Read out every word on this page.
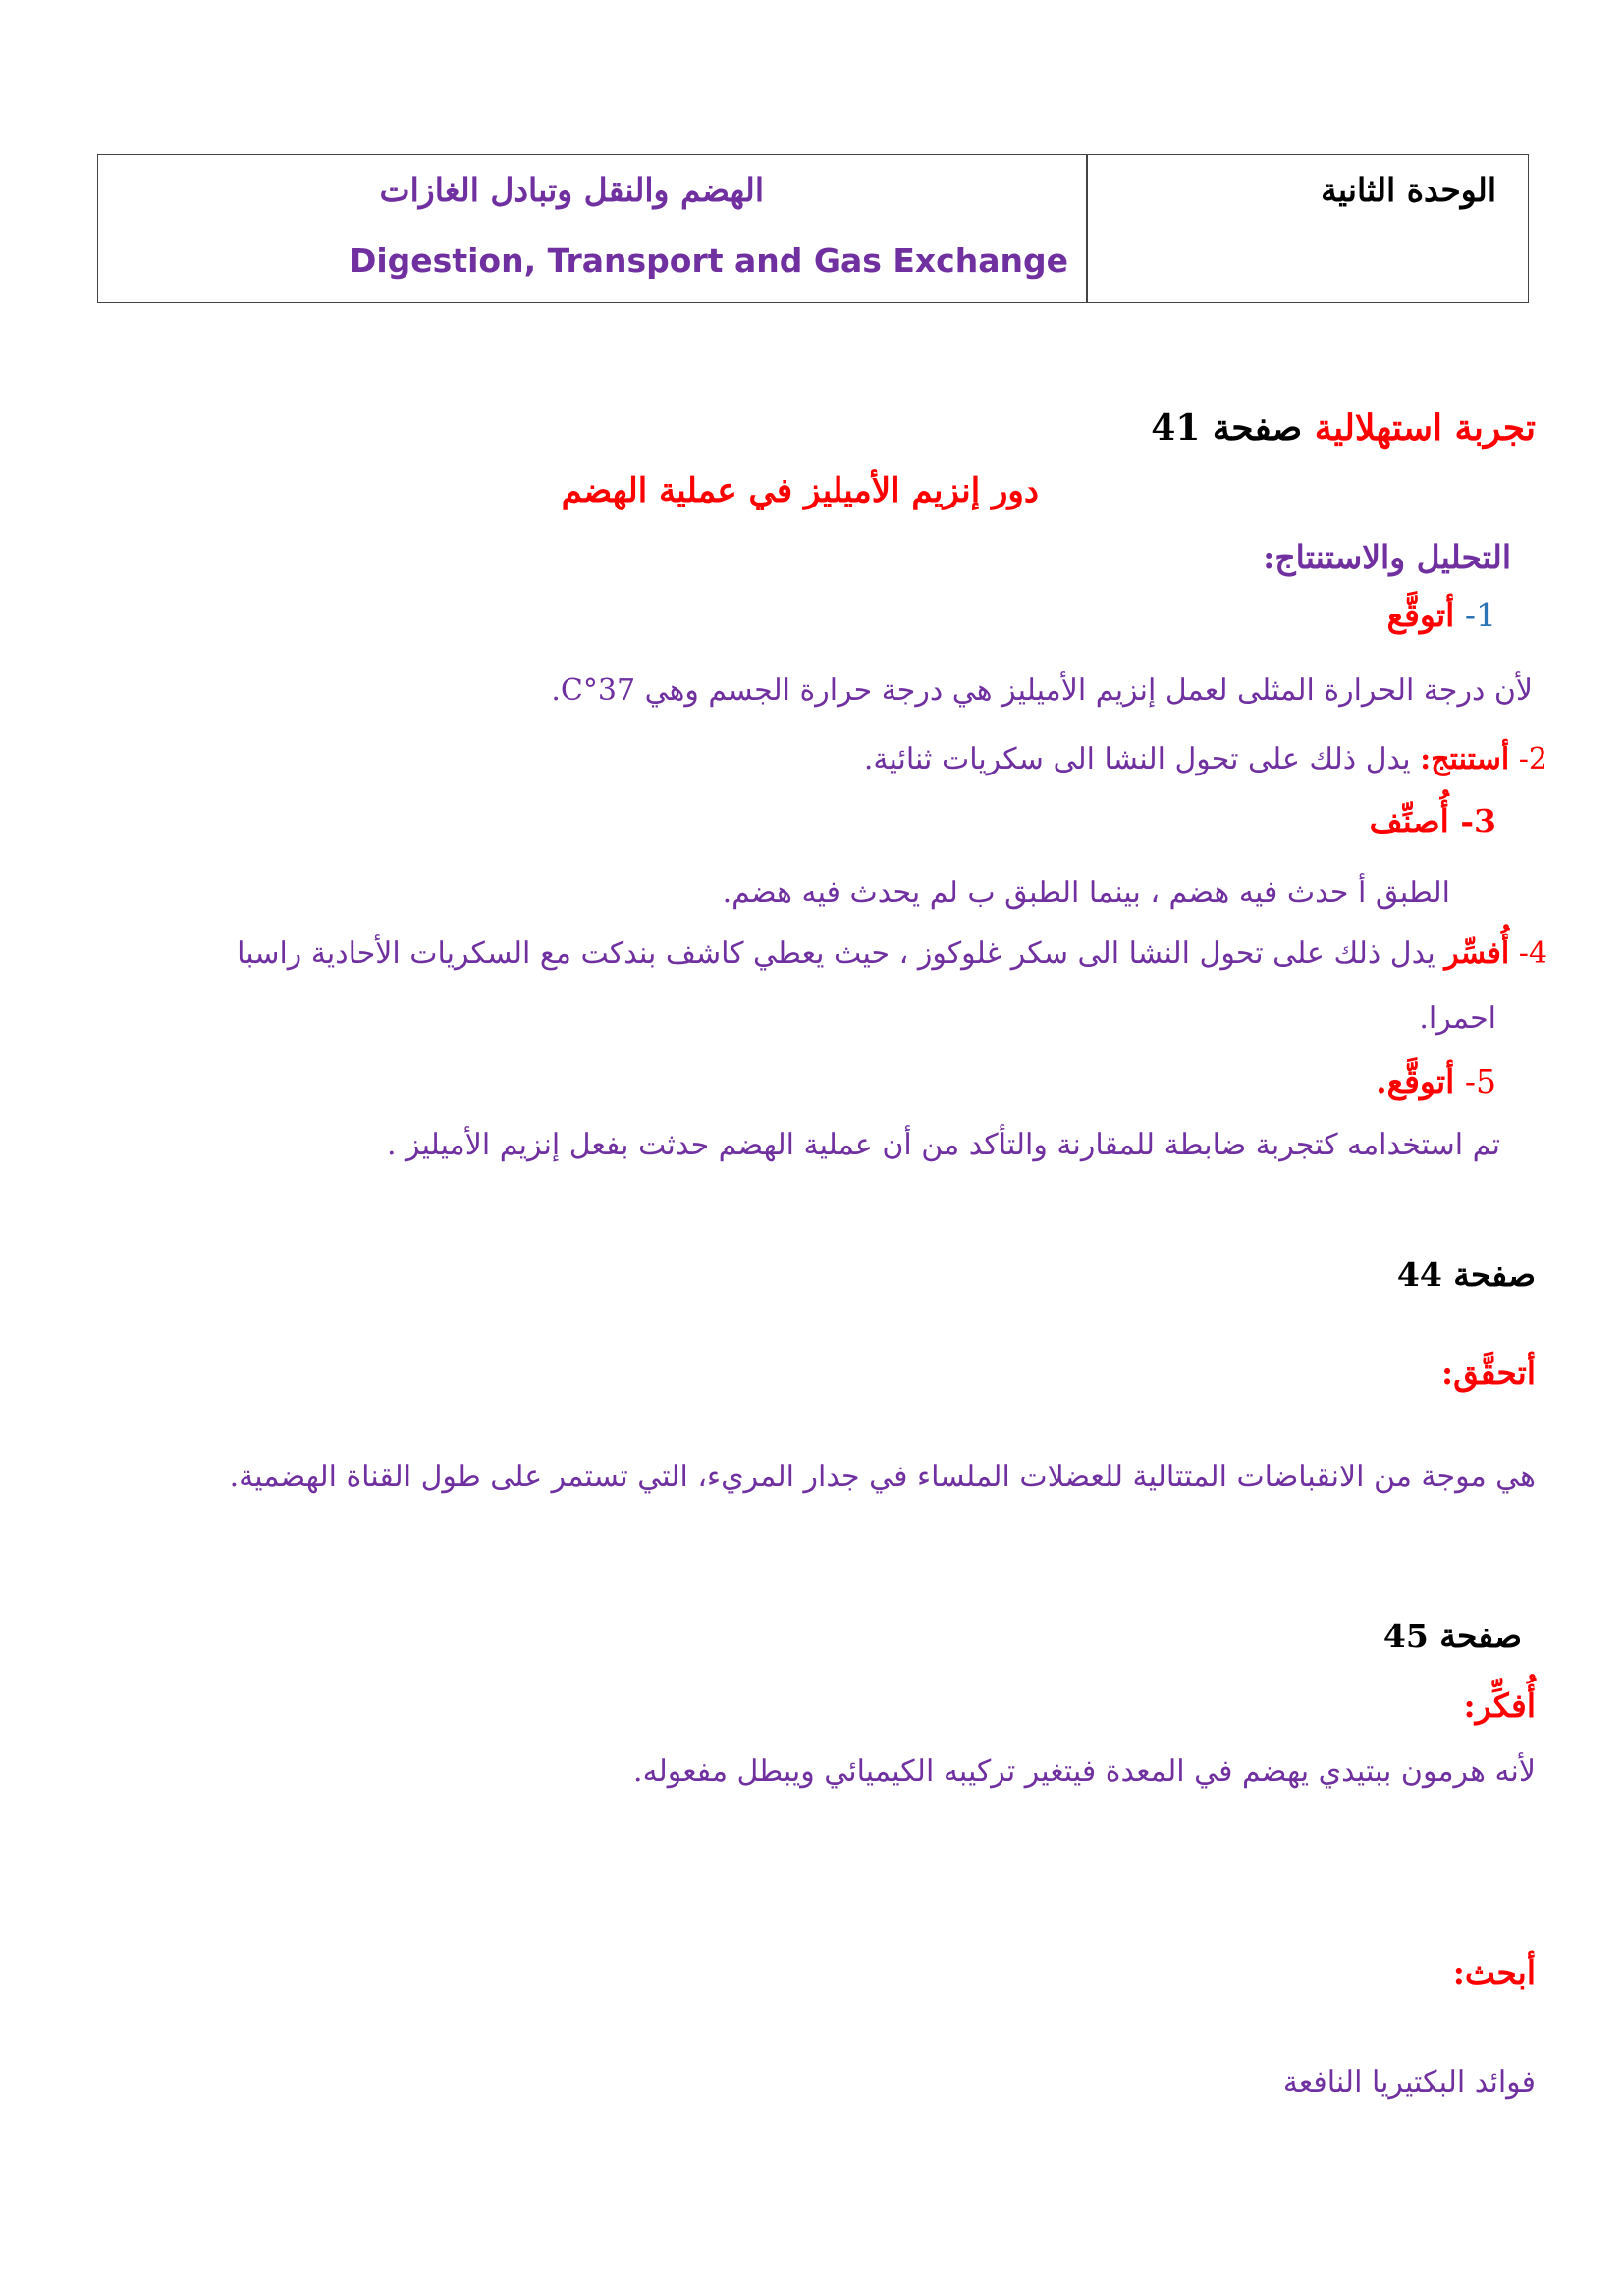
الوحدة الثانية
الهضم والنقل وتبادل الغازات
Digestion, Transport and Gas Exchange
تجربة استهلالية صفحة 41
دور إنزيم الأميليز في عملية الهضم
التحليل والاستنتاج:
1- أتوقَّع
لأن درجة الحرارة المثلى لعمل إنزيم الأميليز هي درجة حرارة الجسم وهي 37°C.
2- أستنتج: يدل ذلك على تحول النشا الى سكريات ثنائية.
3- أُصنِّف
الطبق أ حدث فيه هضم ، بينما الطبق ب لم يحدث فيه هضم.
4- أُفسِّر يدل ذلك على تحول النشا الى سكر غلوكوز ، حيث يعطي كاشف بندكت مع السكريات الأحادية راسبا
احمرا.
5- أتوقَّع.
تم استخدامه كتجربة ضابطة للمقارنة والتأكد من أن عملية الهضم حدثت بفعل إنزيم الأميليز .
صفحة 44
أتحقَّق:
هي موجة من الانقباضات المتتالية للعضلات الملساء في جدار المريء، التي تستمر على طول القناة الهضمية.
صفحة 45
أُفكِّر:
لأنه هرمون ببتيدي يهضم في المعدة فيتغير تركيبه الكيميائي ويبطل مفعوله.
أبحث:
فوائد البكتيريا النافعة
